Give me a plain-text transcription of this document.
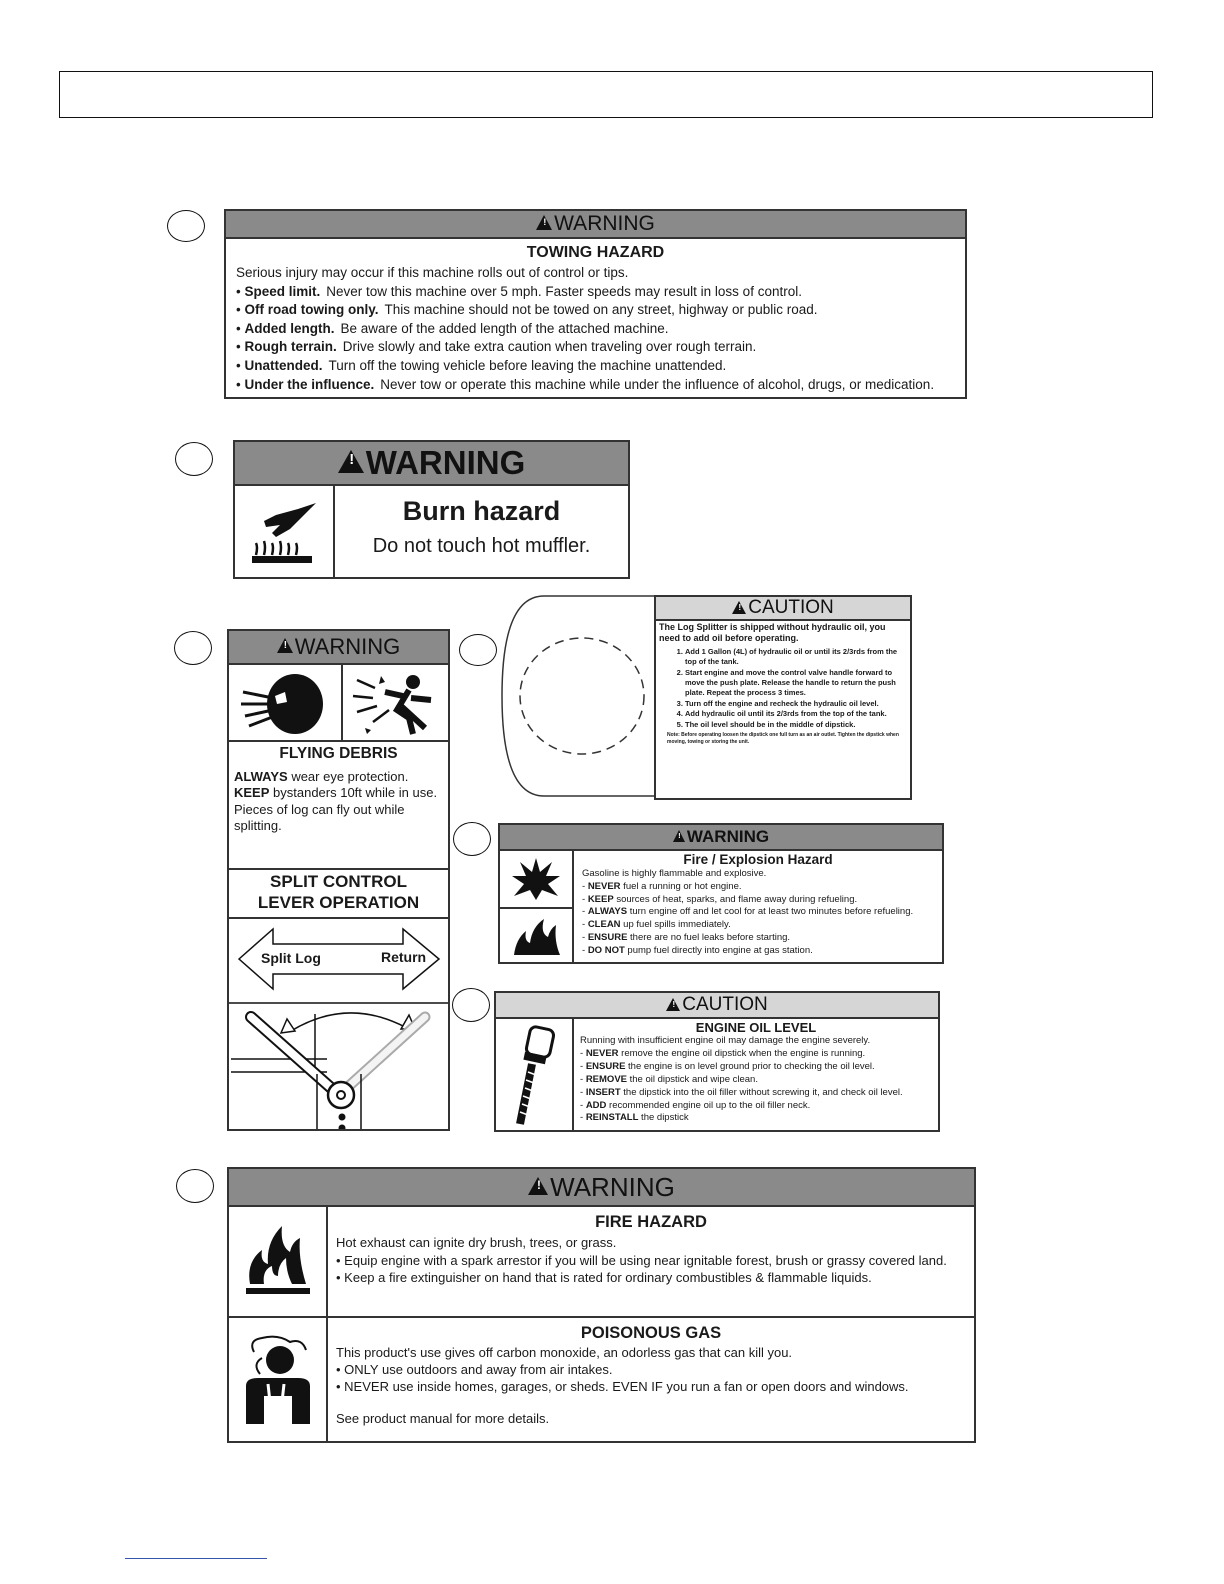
!
WARNING
TOWING HAZARD
Serious injury may occur if this machine rolls out of control or tips.
• Speed limit. Never tow this machine over 5 mph. Faster speeds may result in loss of control.
• Off road towing only. This machine should not be towed on any street, highway or public road.
• Added length. Be aware of the added length of the attached machine.
• Rough terrain. Drive slowly and take extra caution when traveling over rough terrain.
• Unattended. Turn off the towing vehicle before leaving the machine unattended.
• Under the influence. Never tow or operate this machine while under the influence of alcohol, drugs, or medication.
!
WARNING
Burn hazard
Do not touch hot muffler.
!
WARNING
FLYING DEBRIS
ALWAYS wear eye protection.
KEEP bystanders 10ft while in use.
Pieces of log can fly out while splitting.
SPLIT CONTROL
LEVER OPERATION
Split Log	Return
!
CAUTION
The Log Splitter is shipped without hydraulic oil, you need to add oil before operating.
1. Add 1 Gallon (4L) of hydraulic oil or until its 2/3rds from the top of the tank.
2. Start engine and move the control valve handle forward to move the push plate. Release the handle to return the push plate. Repeat the process 3 times.
3. Turn off the engine and recheck the hydraulic oil level.
4. Add hydraulic oil until its 2/3rds from the top of the tank.
5. The oil level should be in the middle of dipstick.
Note: Before operating loosen the dipstick one full turn as an air outlet. Tighten the dipstick when moving, towing or storing the unit.
!
WARNING
Fire / Explosion Hazard
Gasoline is highly flammable and explosive.
- NEVER fuel a running or hot engine.
- KEEP sources of heat, sparks, and flame away during refueling.
- ALWAYS turn engine off and let cool for at least two minutes before refueling.
- CLEAN up fuel spills immediately.
- ENSURE there are no fuel leaks before starting.
- DO NOT pump fuel directly into engine at gas station.
!
CAUTION
ENGINE OIL LEVEL
Running with insufficient engine oil may damage the engine severely.
- NEVER remove the engine oil dipstick when the engine is running.
- ENSURE the engine is on level ground prior to checking the oil level.
- REMOVE the oil dipstick and wipe clean.
- INSERT the dipstick into the oil filler without screwing it, and check oil level.
- ADD recommended engine oil up to the oil filler neck.
- REINSTALL the dipstick
!
WARNING
FIRE HAZARD
Hot exhaust can ignite dry brush, trees, or grass.
• Equip engine with a spark arrestor if you will be using near ignitable forest, brush or grassy covered land.
• Keep a fire extinguisher on hand that is rated for ordinary combustibles & flammable liquids.
POISONOUS GAS
This product's use gives off carbon monoxide, an odorless gas that can kill you.
• ONLY use outdoors and away from air intakes.
• NEVER use inside homes, garages, or sheds. EVEN IF you run a fan or open doors and windows.
See product manual for more details.
